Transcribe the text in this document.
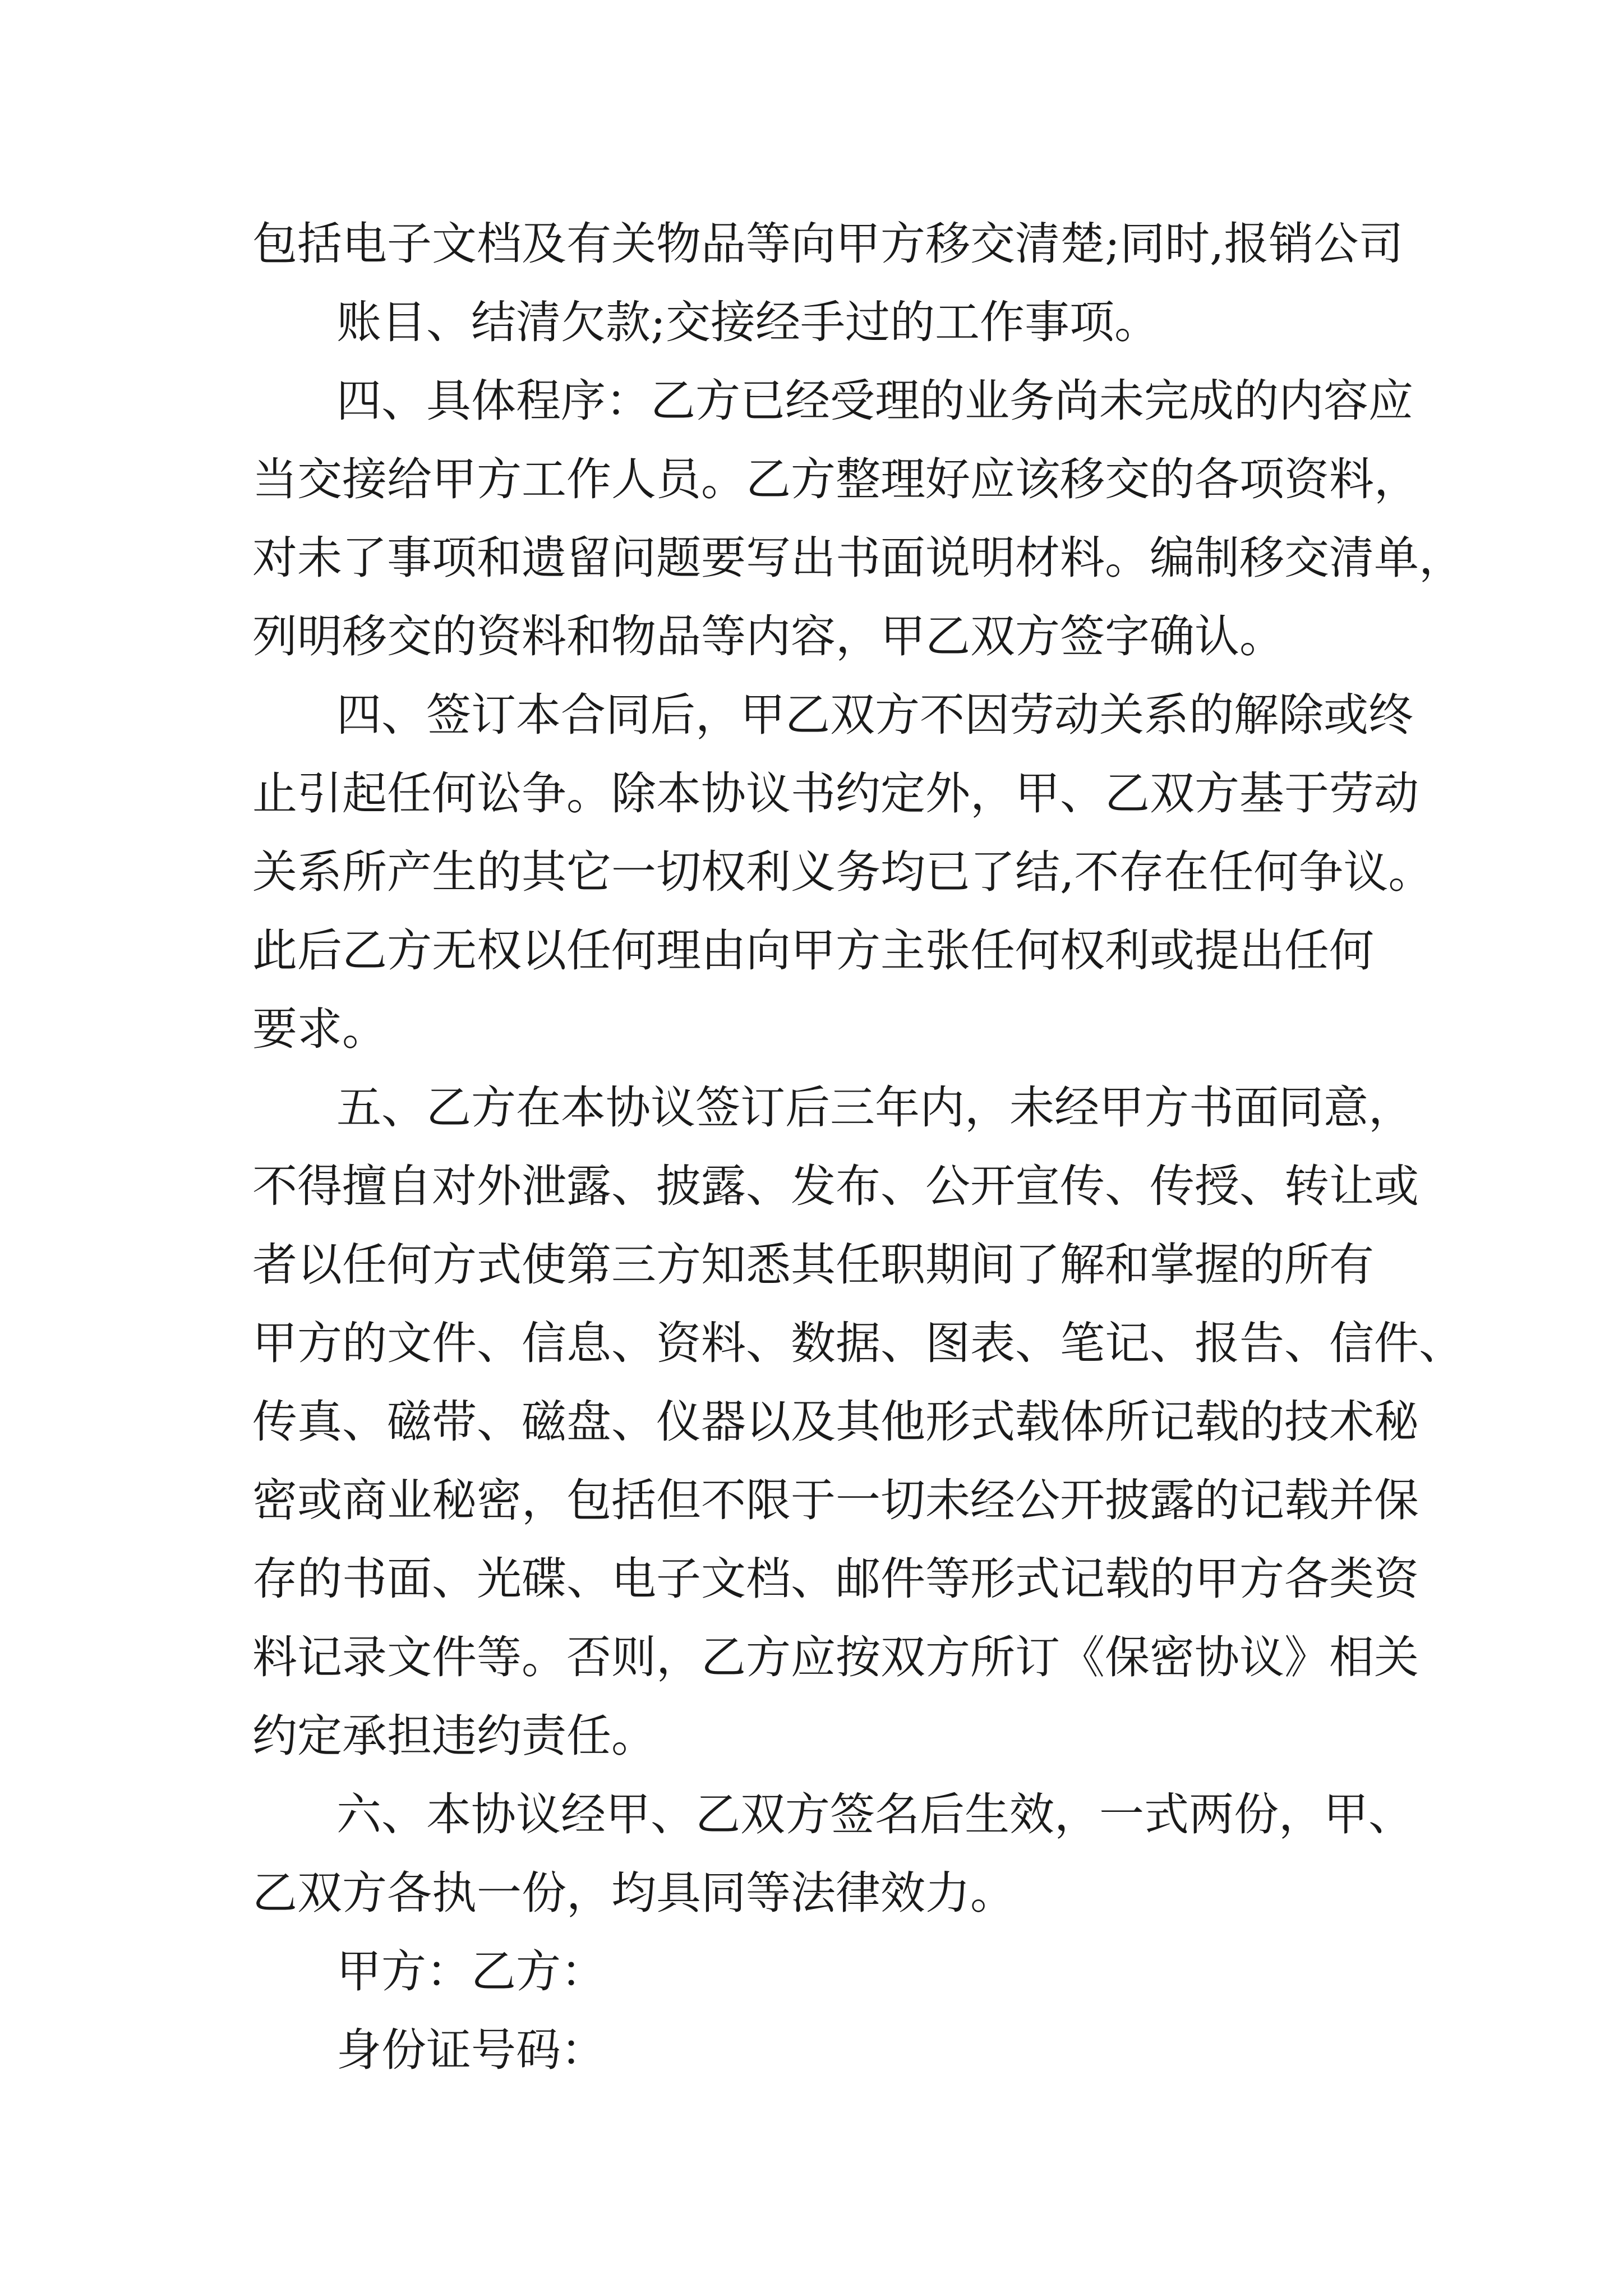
包括电子文档及有关物品等向甲方移交清楚;同时,报销公司
账目、结清欠款;交接经手过的工作事项。
四、具体程序：乙方已经受理的业务尚未完成的内容应
当交接给甲方工作人员。乙方整理好应该移交的各项资料，
对未了事项和遗留问题要写出书面说明材料。编制移交清单，
列明移交的资料和物品等内容，甲乙双方签字确认。
四、签订本合同后，甲乙双方不因劳动关系的解除或终
止引起任何讼争。除本协议书约定外，甲、乙双方基于劳动
关系所产生的其它一切权利义务均已了结,不存在任何争议。
此后乙方无权以任何理由向甲方主张任何权利或提出任何
要求。
五、乙方在本协议签订后三年内，未经甲方书面同意，
不得擅自对外泄露、披露、发布、公开宣传、传授、转让或
者以任何方式使第三方知悉其任职期间了解和掌握的所有
甲方的文件、信息、资料、数据、图表、笔记、报告、信件、
传真、磁带、磁盘、仪器以及其他形式载体所记载的技术秘
密或商业秘密，包括但不限于一切未经公开披露的记载并保
存的书面、光碟、电子文档、邮件等形式记载的甲方各类资
料记录文件等。否则，乙方应按双方所订《保密协议》相关
约定承担违约责任。
六、本协议经甲、乙双方签名后生效，一式两份，甲、
乙双方各执一份，均具同等法律效力。
甲方：乙方：
身份证号码：
